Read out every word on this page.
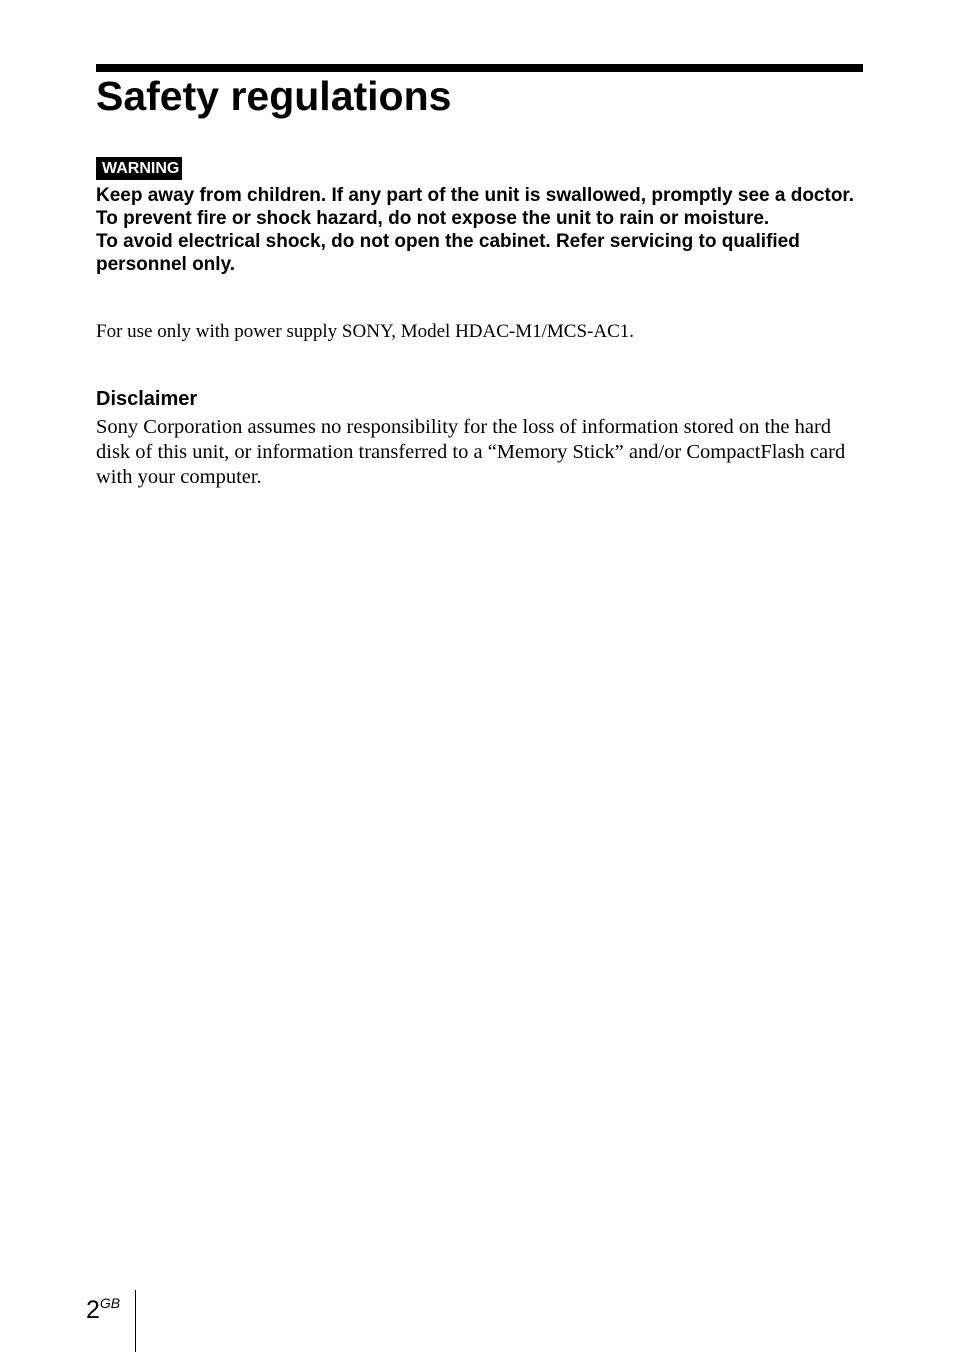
Safety regulations
WARNING

Keep away from children. If any part of the unit is swallowed, promptly see a doctor.

To prevent fire or shock hazard, do not expose the unit to rain or moisture.

To avoid electrical shock, do not open the cabinet. Refer servicing to qualified personnel only.

For use only with power supply SONY, Model HDAC-M1/MCS-AC1.

Disclaimer

Sony Corporation assumes no responsibility for the loss of information stored on the hard disk of this unit, or information transferred to a “Memory Stick” and/or CompactFlash card with your computer.

$2^{GB}$
